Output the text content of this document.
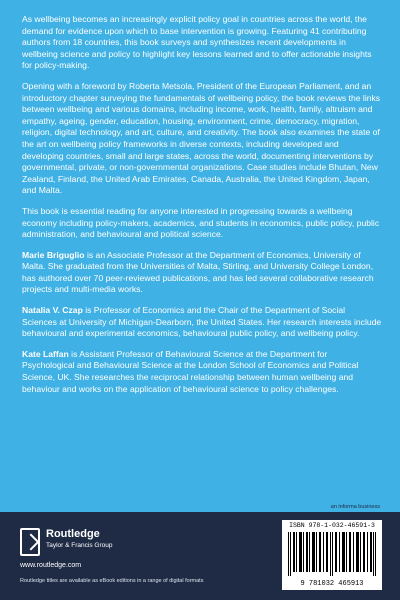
As wellbeing becomes an increasingly explicit policy goal in countries across the world, the demand for evidence upon which to base intervention is growing. Featuring 41 contributing authors from 18 countries, this book surveys and synthesizes recent developments in wellbeing science and policy to highlight key lessons learned and to offer actionable insights for policy-making.

Opening with a foreword by Roberta Metsola, President of the European Parliament, and an introductory chapter surveying the fundamentals of wellbeing policy, the book reviews the links between wellbeing and various domains, including income, work, health, family, altruism and empathy, ageing, gender, education, housing, environment, crime, democracy, migration, religion, digital technology, and art, culture, and creativity. The book also examines the state of the art on wellbeing policy frameworks in diverse contexts, including developed and developing countries, small and large states, across the world, documenting interventions by governmental, private, or non-governmental organizations. Case studies include Bhutan, New Zealand, Finland, the United Arab Emirates, Canada, Australia, the United Kingdom, Japan, and Malta.

This book is essential reading for anyone interested in progressing towards a wellbeing economy including policy-makers, academics, and students in economics, public policy, public administration, and behavioural and political science.

Marie Briguglio is an Associate Professor at the Department of Economics, University of Malta. She graduated from the Universities of Malta, Stirling, and University College London, has authored over 70 peer-reviewed publications, and has led several collaborative research projects and multi-media works.

Natalia V. Czap is Professor of Economics and the Chair of the Department of Social Sciences at University of Michigan-Dearborn, the United States. Her research interests include behavioural and experimental economics, behavioural public policy, and wellbeing policy.

Kate Laffan is Assistant Professor of Behavioural Science at the Department for Psychological and Behavioural Science at the London School of Economics and Political Science, UK. She researches the reciprocal relationship between human wellbeing and behaviour and works on the application of behavioural science to policy challenges.

an informa business
Routledge
Taylor & Francis Group
www.routledge.com
Routledge titles are available as eBook editions in a range of digital formats
ISBN 978-1-032-46591-3
9 781032 465913
